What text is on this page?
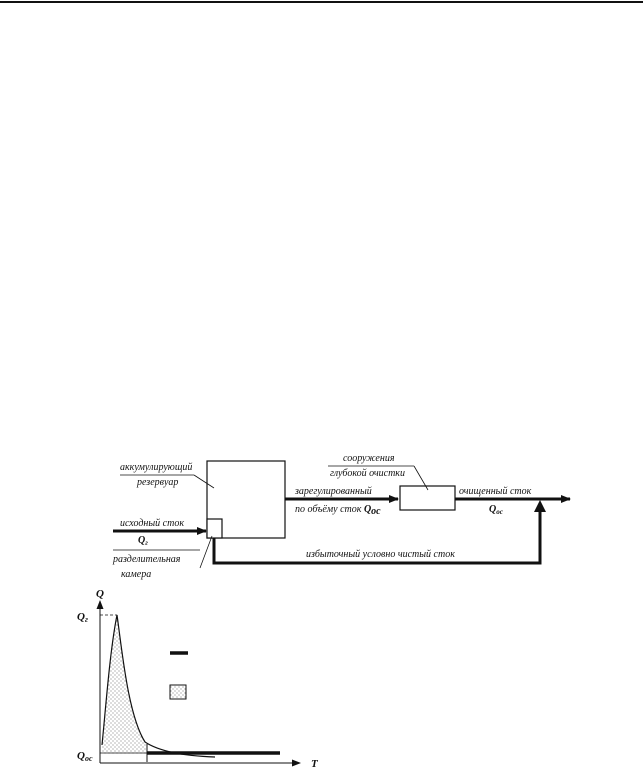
аккумулирующий
резервуар
сооружения
глубокой очистки
зарегулированный
по объёму сток Qос
очищенный сток
$Q_{ос}$
исходный сток
$Q_г$
избыточный условно чистый сток
разделительная
камера
Q
T
Qг
Qос
